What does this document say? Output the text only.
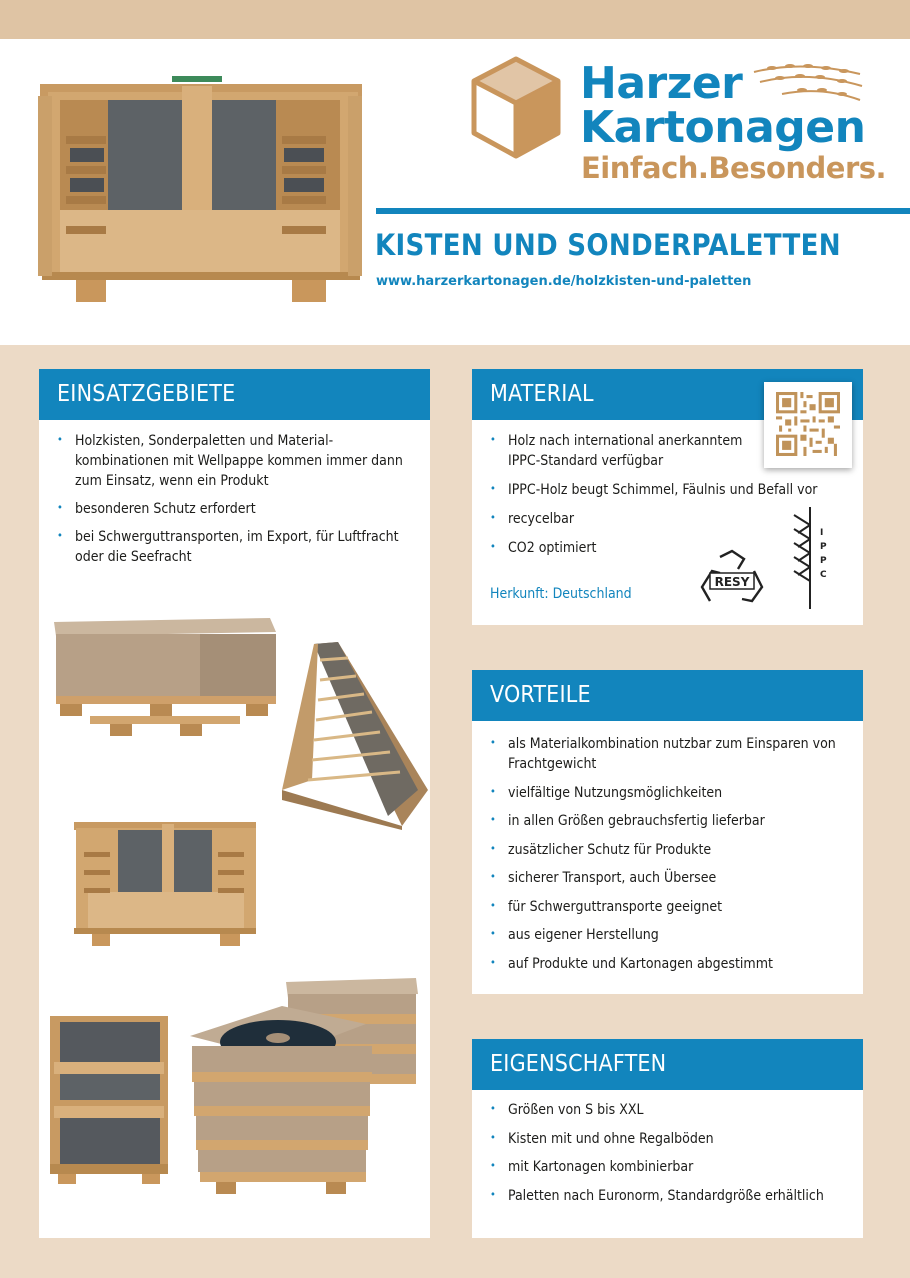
Harzer
Kartonagen
Einfach.Besonders.
KISTEN UND SONDERPALETTEN
www.harzerkartonagen.de/holzkisten-und-paletten
EINSATZGEBIETE
• Holzkisten, Sonderpaletten und Material-kombinationen mit Wellpappe kommen immer dann zum Einsatz, wenn ein Produkt
• besonderen Schutz erfordert
• bei Schwerguttransporten, im Export, für Luftfracht oder die Seefracht
MATERIAL
• Holz nach international anerkanntem IPPC-Standard verfügbar
• IPPC-Holz beugt Schimmel, Fäulnis und Befall vor
• recycelbar
• CO2 optimiert
Herkunft: Deutschland
RESY
I
P
P
C
VORTEILE
• als Materialkombination nutzbar zum Einsparen von Frachtgewicht
• vielfältige Nutzungsmöglichkeiten
• in allen Größen gebrauchsfertig lieferbar
• zusätzlicher Schutz für Produkte
• sicherer Transport, auch Übersee
• für Schwerguttransporte geeignet
• aus eigener Herstellung
• auf Produkte und Kartonagen abgestimmt
EIGENSCHAFTEN
• Größen von S bis XXL
• Kisten mit und ohne Regalböden
• mit Kartonagen kombinierbar
• Paletten nach Euronorm, Standardgröße erhältlich
